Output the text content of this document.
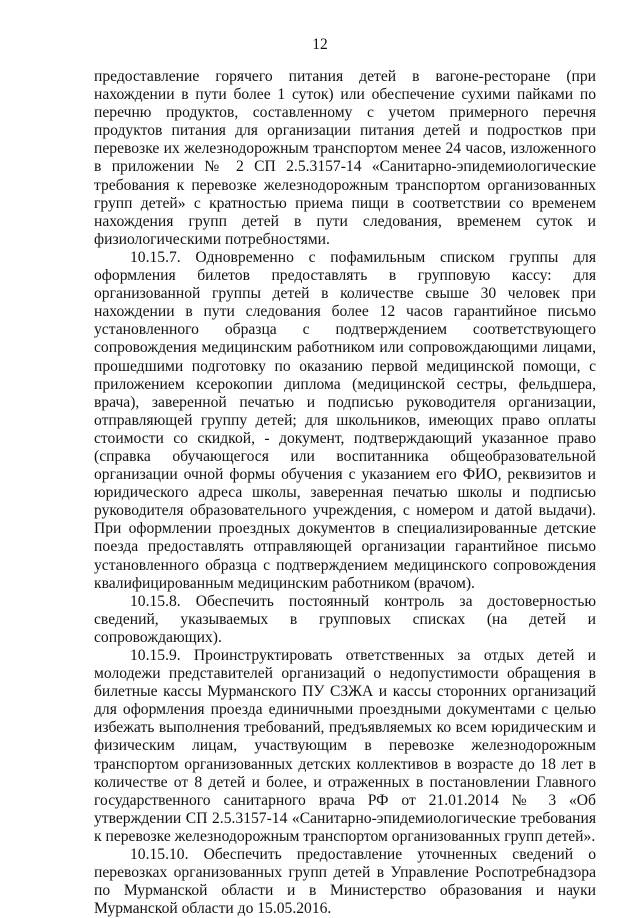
12

предоставление горячего питания детей в вагоне-ресторане (при нахождении в пути более 1 суток) или обеспечение сухими пайками по перечню продуктов, составленному с учетом примерного перечня продуктов питания для организации питания детей и подростков при перевозке их железнодорожным транспортом менее 24 часов, изложенного в приложении № 2 СП 2.5.3157-14 «Санитарно-эпидемиологические требования к перевозке железнодорожным транспортом организованных групп детей» с кратностью приема пищи в соответствии со временем нахождения групп детей в пути следования, временем суток и физиологическими потребностями.

10.15.7. Одновременно с пофамильным списком группы для оформления билетов предоставлять в групповую кассу: для организованной группы детей в количестве свыше 30 человек при нахождении в пути следования более 12 часов гарантийное письмо установленного образца с подтверждением соответствующего сопровождения медицинским работником или сопровождающими лицами, прошедшими подготовку по оказанию первой медицинской помощи, с приложением ксерокопии диплома (медицинской сестры, фельдшера, врача), заверенной печатью и подписью руководителя организации, отправляющей группу детей; для школьников, имеющих право оплаты стоимости со скидкой, - документ, подтверждающий указанное право (справка обучающегося или воспитанника общеобразовательной организации очной формы обучения с указанием его ФИО, реквизитов и юридического адреса школы, заверенная печатью школы и подписью руководителя образовательного учреждения, с номером и датой выдачи). При оформлении проездных документов в специализированные детские поезда предоставлять отправляющей организации гарантийное письмо установленного образца с подтверждением медицинского сопровождения квалифицированным медицинским работником (врачом).

10.15.8. Обеспечить постоянный контроль за достоверностью сведений, указываемых в групповых списках (на детей и сопровождающих).

10.15.9. Проинструктировать ответственных за отдых детей и молодежи представителей организаций о недопустимости обращения в билетные кассы Мурманского ПУ СЗЖА и кассы сторонних организаций для оформления проезда единичными проездными документами с целью избежать выполнения требований, предъявляемых ко всем юридическим и физическим лицам, участвующим в перевозке железнодорожным транспортом организованных детских коллективов в возрасте до 18 лет в количестве от 8 детей и более, и отраженных в постановлении Главного государственного санитарного врача РФ от 21.01.2014 № 3 «Об утверждении СП 2.5.3157-14 «Санитарно-эпидемиологические требования к перевозке железнодорожным транспортом организованных групп детей».

10.15.10. Обеспечить предоставление уточненных сведений о перевозках организованных групп детей в Управление Роспотребнадзора по Мурманской области и в Министерство образования и науки Мурманской области до 15.05.2016.
